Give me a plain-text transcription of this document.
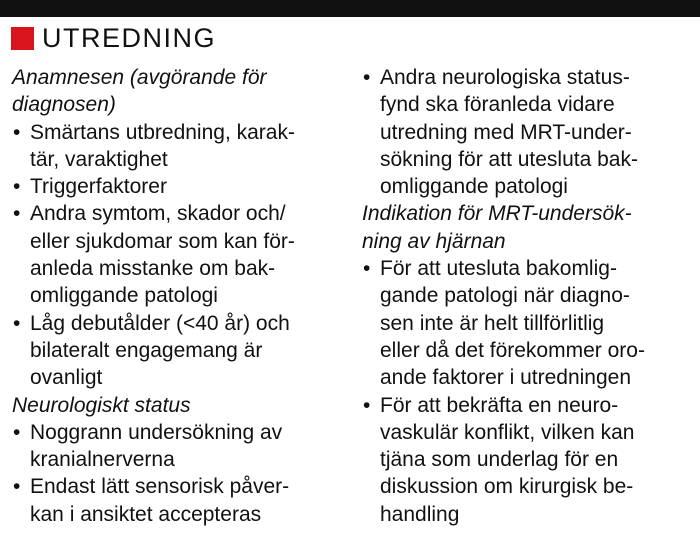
UTREDNING

Anamnesen (avgörande för
diagnosen)

• Smärtans utbredning, karak-
tär, varaktighet
• Triggerfaktorer
• Andra symtom, skador och/
eller sjukdomar som kan för-
anleda misstanke om bak-
omliggande patologi
• Låg debutålder (<40 år) och
bilateralt engagemang är
ovanligt

Neurologiskt status

• Noggrann undersökning av
kranialnerverna
• Endast lätt sensorisk påver-
kan i ansiktet accepteras
• Andra neurologiska status-
fynd ska föranleda vidare
utredning med MRT-under-
sökning för att utesluta bak-
omliggande patologi

Indikation för MRT-undersök-
ning av hjärnan

• För att utesluta bakomlig-
gande patologi när diagno-
sen inte är helt tillförlitlig
eller då det förekommer oro-
ande faktorer i utredningen
• För att bekräfta en neuro-
vaskulär konflikt, vilken kan
tjäna som underlag för en
diskussion om kirurgisk be-
handling
